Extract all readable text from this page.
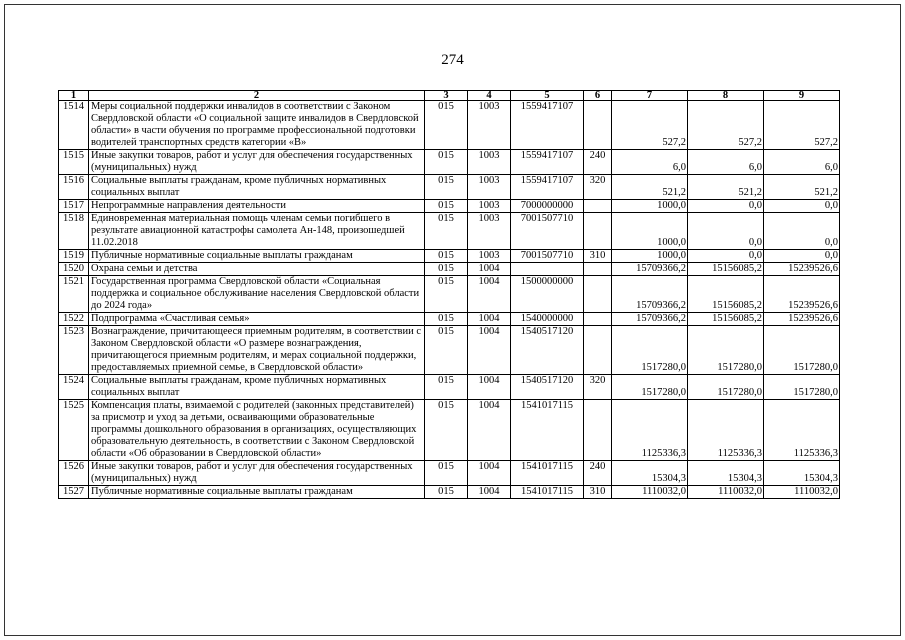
274
1	2	3	4	5	6	7	8	9
1514	Меры социальной поддержки инвалидов в соответствии с Законом Свердловской области «О социальной защите инвалидов в Свердловской области» в части обучения по программе профессиональной подготовки водителей транспортных средств категории «В»	015	1003	1559417107		527,2	527,2	527,2
1515	Иные закупки товаров, работ и услуг для обеспечения государственных (муниципальных) нужд	015	1003	1559417107	240	6,0	6,0	6,0
1516	Социальные выплаты гражданам, кроме публичных нормативных социальных выплат	015	1003	1559417107	320	521,2	521,2	521,2
1517	Непрограммные направления деятельности	015	1003	7000000000		1000,0	0,0	0,0
1518	Единовременная материальная помощь членам семьи погибшего в результате авиационной катастрофы самолета Ан-148, произошедшей 11.02.2018	015	1003	7001507710		1000,0	0,0	0,0
1519	Публичные нормативные социальные выплаты гражданам	015	1003	7001507710	310	1000,0	0,0	0,0
1520	Охрана семьи и детства	015	1004			15709366,2	15156085,2	15239526,6
1521	Государственная программа Свердловской области «Социальная поддержка и социальное обслуживание населения Свердловской области до 2024 года»	015	1004	1500000000		15709366,2	15156085,2	15239526,6
1522	Подпрограмма «Счастливая семья»	015	1004	1540000000		15709366,2	15156085,2	15239526,6
1523	Вознаграждение, причитающееся приемным родителям, в соответствии с Законом Свердловской области «О размере вознаграждения, причитающегося приемным родителям, и мерах социальной поддержки, предоставляемых приемной семье, в Свердловской области»	015	1004	1540517120		1517280,0	1517280,0	1517280,0
1524	Социальные выплаты гражданам, кроме публичных нормативных социальных выплат	015	1004	1540517120	320	1517280,0	1517280,0	1517280,0
1525	Компенсация платы, взимаемой с родителей (законных представителей) за присмотр и уход за детьми, осваивающими образовательные программы дошкольного образования в организациях, осуществляющих образовательную деятельность, в соответствии с Законом Свердловской области «Об образовании в Свердловской области»	015	1004	1541017115		1125336,3	1125336,3	1125336,3
1526	Иные закупки товаров, работ и услуг для обеспечения государственных (муниципальных) нужд	015	1004	1541017115	240	15304,3	15304,3	15304,3
1527	Публичные нормативные социальные выплаты гражданам	015	1004	1541017115	310	1110032,0	1110032,0	1110032,0
